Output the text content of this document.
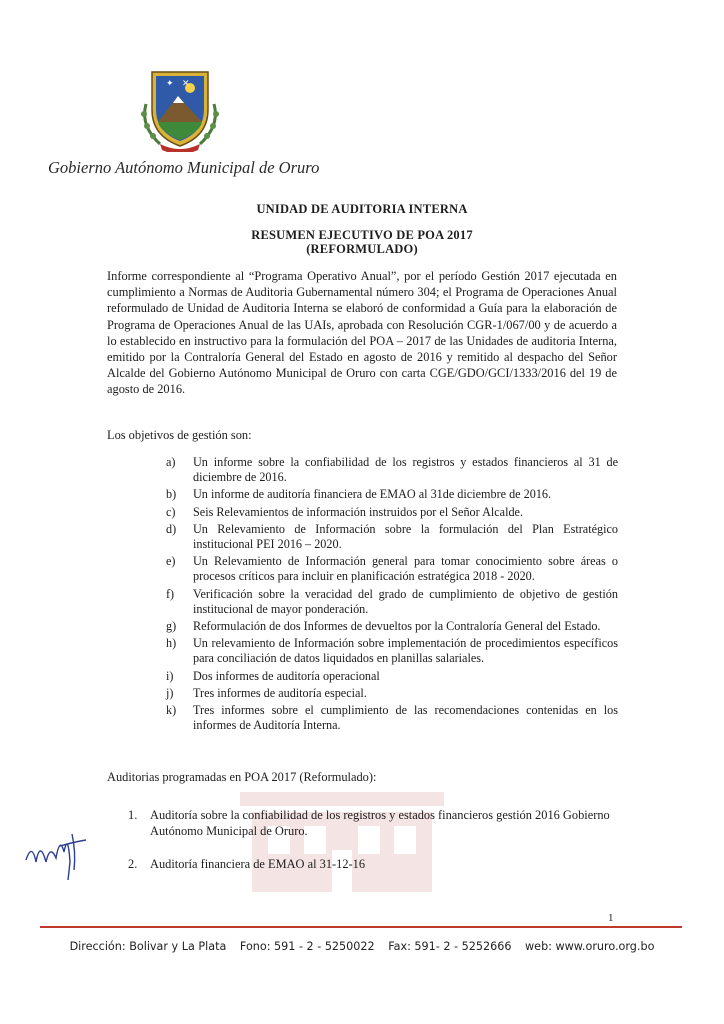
✦ ✕
Gobierno Autónomo Municipal de Oruro
UNIDAD DE AUDITORIA INTERNA
RESUMEN EJECUTIVO DE POA 2017
(REFORMULADO)

Informe correspondiente al “Programa Operativo Anual”, por el período Gestión 2017 ejecutada en cumplimiento a Normas de Auditoria Gubernamental número 304; el Programa de Operaciones Anual reformulado de Unidad de Auditoria Interna se elaboró de conformidad a Guía para la elaboración de Programa de Operaciones Anual de las UAIs, aprobada con Resolución CGR-1/067/00 y de acuerdo a lo establecido en instructivo para la formulación del POA – 2017 de las Unidades de auditoria Interna, emitido por la Contraloría General del Estado en agosto de 2016 y remitido al despacho del Señor Alcalde del Gobierno Autónomo Municipal de Oruro con carta CGE/GDO/GCI/1333/2016 del 19 de agosto de 2016.

Los objetivos de gestión son:
a)	Un informe sobre la confiabilidad de los registros y estados financieros al 31 de diciembre de 2016.
b)	Un informe de auditoría financiera de EMAO al 31de diciembre de 2016.
c)	Seis Relevamientos de información instruidos por el Señor Alcalde.
d)	Un Relevamiento de Información sobre la formulación del Plan Estratégico institucional PEI 2016 – 2020.
e)	Un Relevamiento de Información general para tomar conocimiento sobre áreas o procesos críticos para incluir en planificación estratégica 2018 - 2020.
f)	Verificación sobre la veracidad del grado de cumplimiento de objetivo de gestión institucional de mayor ponderación.
g)	Reformulación de dos Informes de devueltos por la Contraloría General del Estado.
h)	Un relevamiento de Información sobre implementación de procedimientos específicos para conciliación de datos liquidados en planillas salariales.
i)	Dos informes de auditoría operacional
j)	Tres informes de auditoría especial.
k)	Tres informes sobre el cumplimiento de las recomendaciones contenidas en los informes de Auditoría Interna.
Auditorias programadas en POA 2017 (Reformulado):
1. Auditoría sobre la confiabilidad de los registros y estados financieros gestión 2016 Gobierno Autónomo Municipal de Oruro.
2. Auditoría financiera de EMAO al 31-12-16
1
Dirección: Bolivar y La Plata Fono: 591 - 2 - 5250022 Fax: 591- 2 - 5252666 web: www.oruro.org.bo
